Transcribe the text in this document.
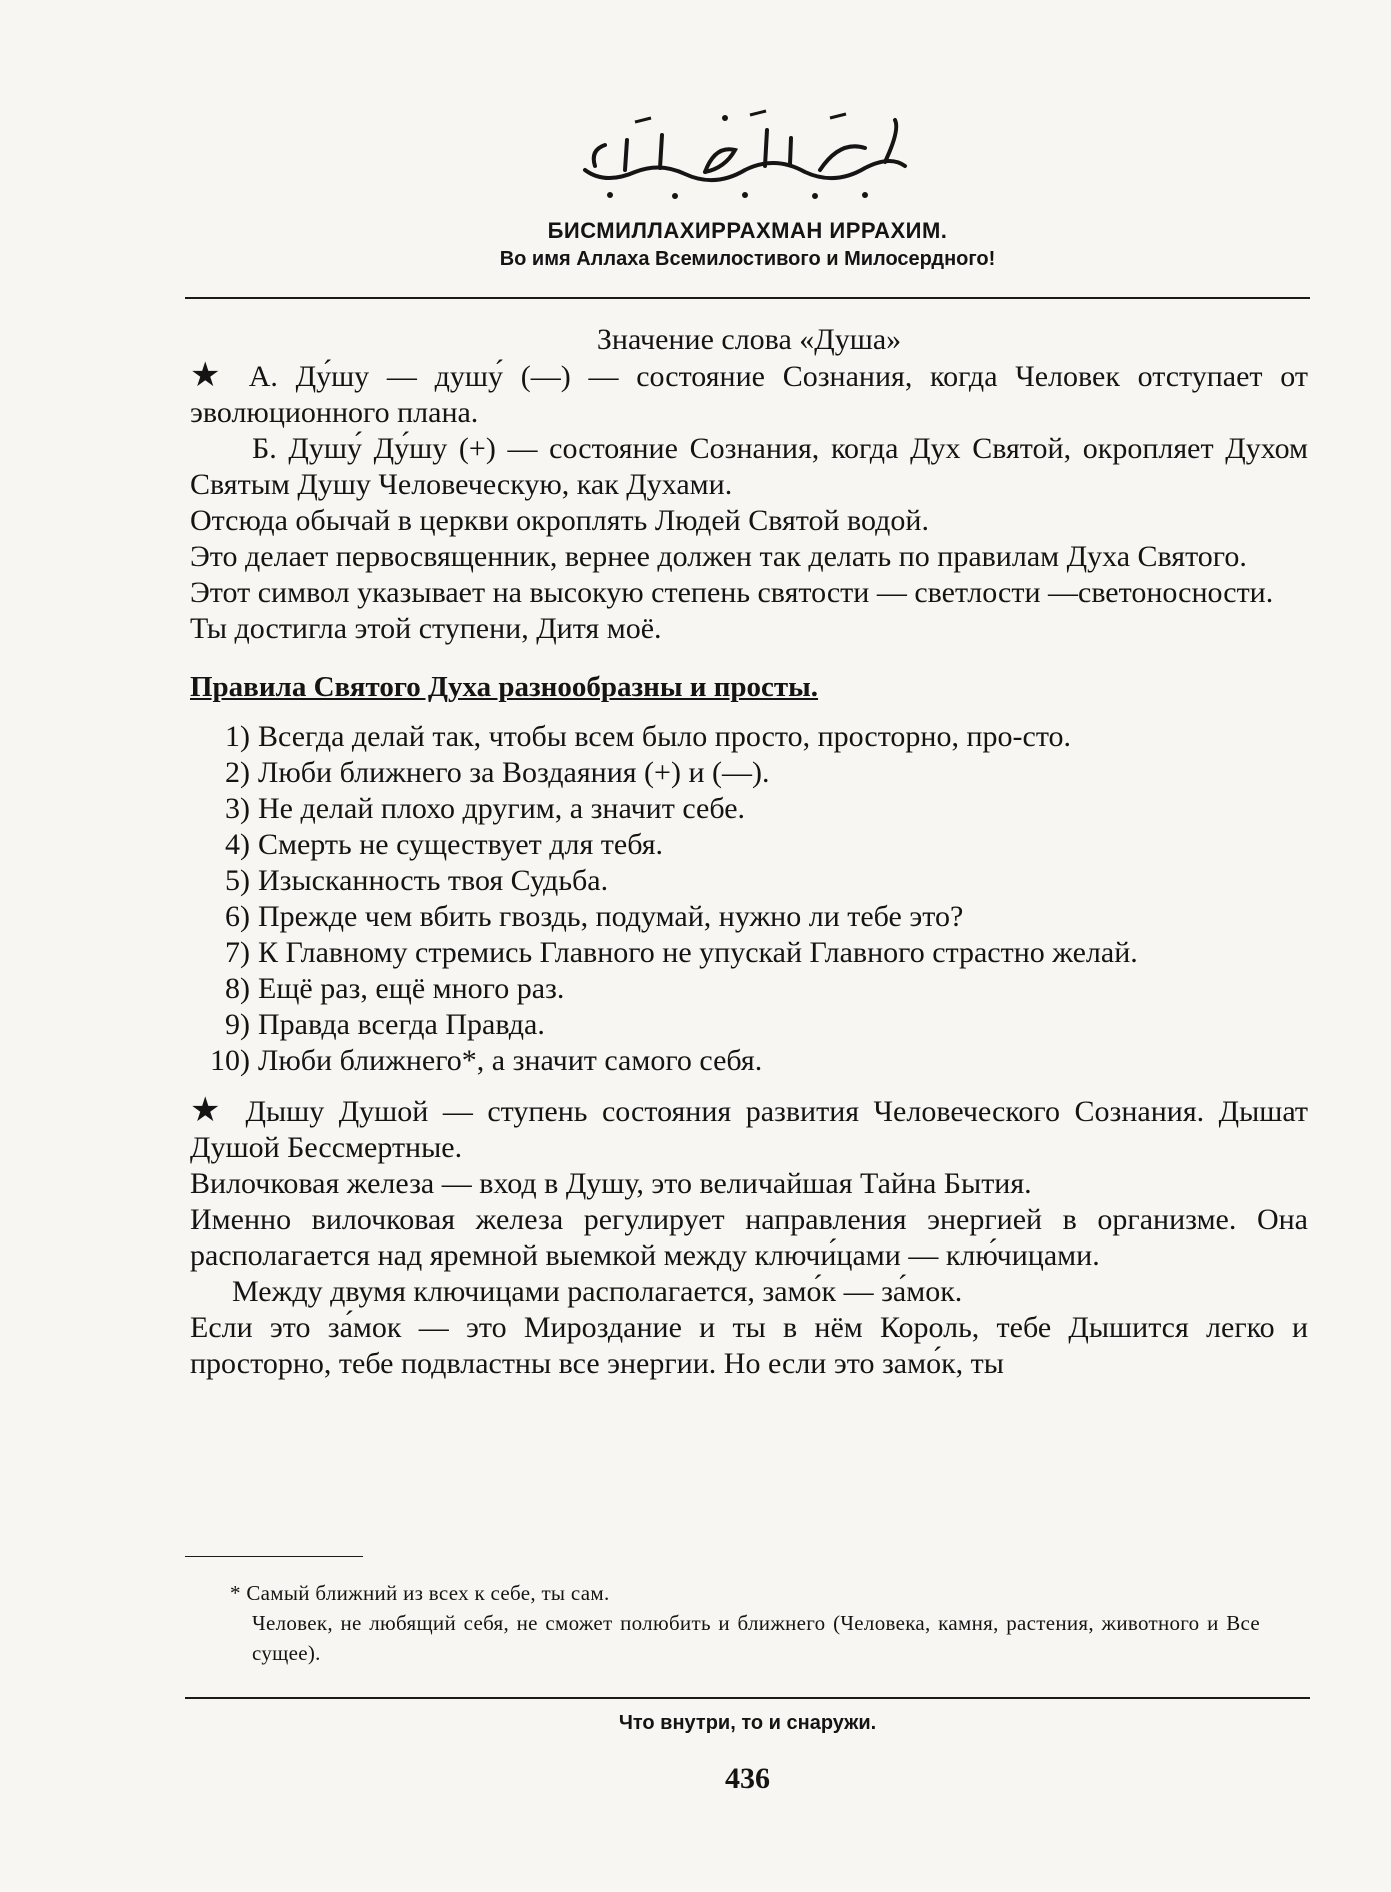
БИСМИЛЛАХИРРАХМАН ИРРАХИМ.
Во имя Аллаха Всемилостивого и Милосердного!

Значение слова «Душа»

★ А. Ду́шу — душу́ (—) — состояние Сознания, когда Человек отступает от эволюционного плана.

Б. Душу́ Ду́шу (+) — состояние Сознания, когда Дух Святой, окропляет Духом Святым Душу Человеческую, как Духами.

Отсюда обычай в церкви окроплять Людей Святой водой.

Это делает первосвященник, вернее должен так делать по правилам Духа Святого.

Этот символ указывает на высокую степень святости — светлости —светоносности.

Ты достигла этой ступени, Дитя моё.

Правила Святого Духа разнообразны и просты.

1) Всегда делай так, чтобы всем было просто, просторно, про-сто.
2) Люби ближнего за Воздаяния (+) и (—).
3) Не делай плохо другим, а значит себе.
4) Смерть не существует для тебя.
5) Изысканность твоя Судьба.
6) Прежде чем вбить гвоздь, подумай, нужно ли тебе это?
7) К Главному стремись Главного не упускай Главного страстно желай.
8) Ещё раз, ещё много раз.
9) Правда всегда Правда.
10) Люби ближнего*, а значит самого себя.

★ Дышу Душой — ступень состояния развития Человеческого Сознания. Дышат Душой Бессмертные.

Вилочковая железа — вход в Душу, это величайшая Тайна Бытия.

Именно вилочковая железа регулирует направления энергией в организме. Она располагается над яремной выемкой между ключи́цами — клю́чицами.

Между двумя ключицами располагается, замо́к — за́мок.

Если это за́мок — это Мироздание и ты в нём Король, тебе Дышится легко и просторно, тебе подвластны все энергии. Но если это замо́к, ты

* Самый ближний из всех к себе, ты сам.

Человек, не любящий себя, не сможет полюбить и ближнего (Человека, камня, растения, животного и Все сущее).

Что внутри, то и снаружи.
436
